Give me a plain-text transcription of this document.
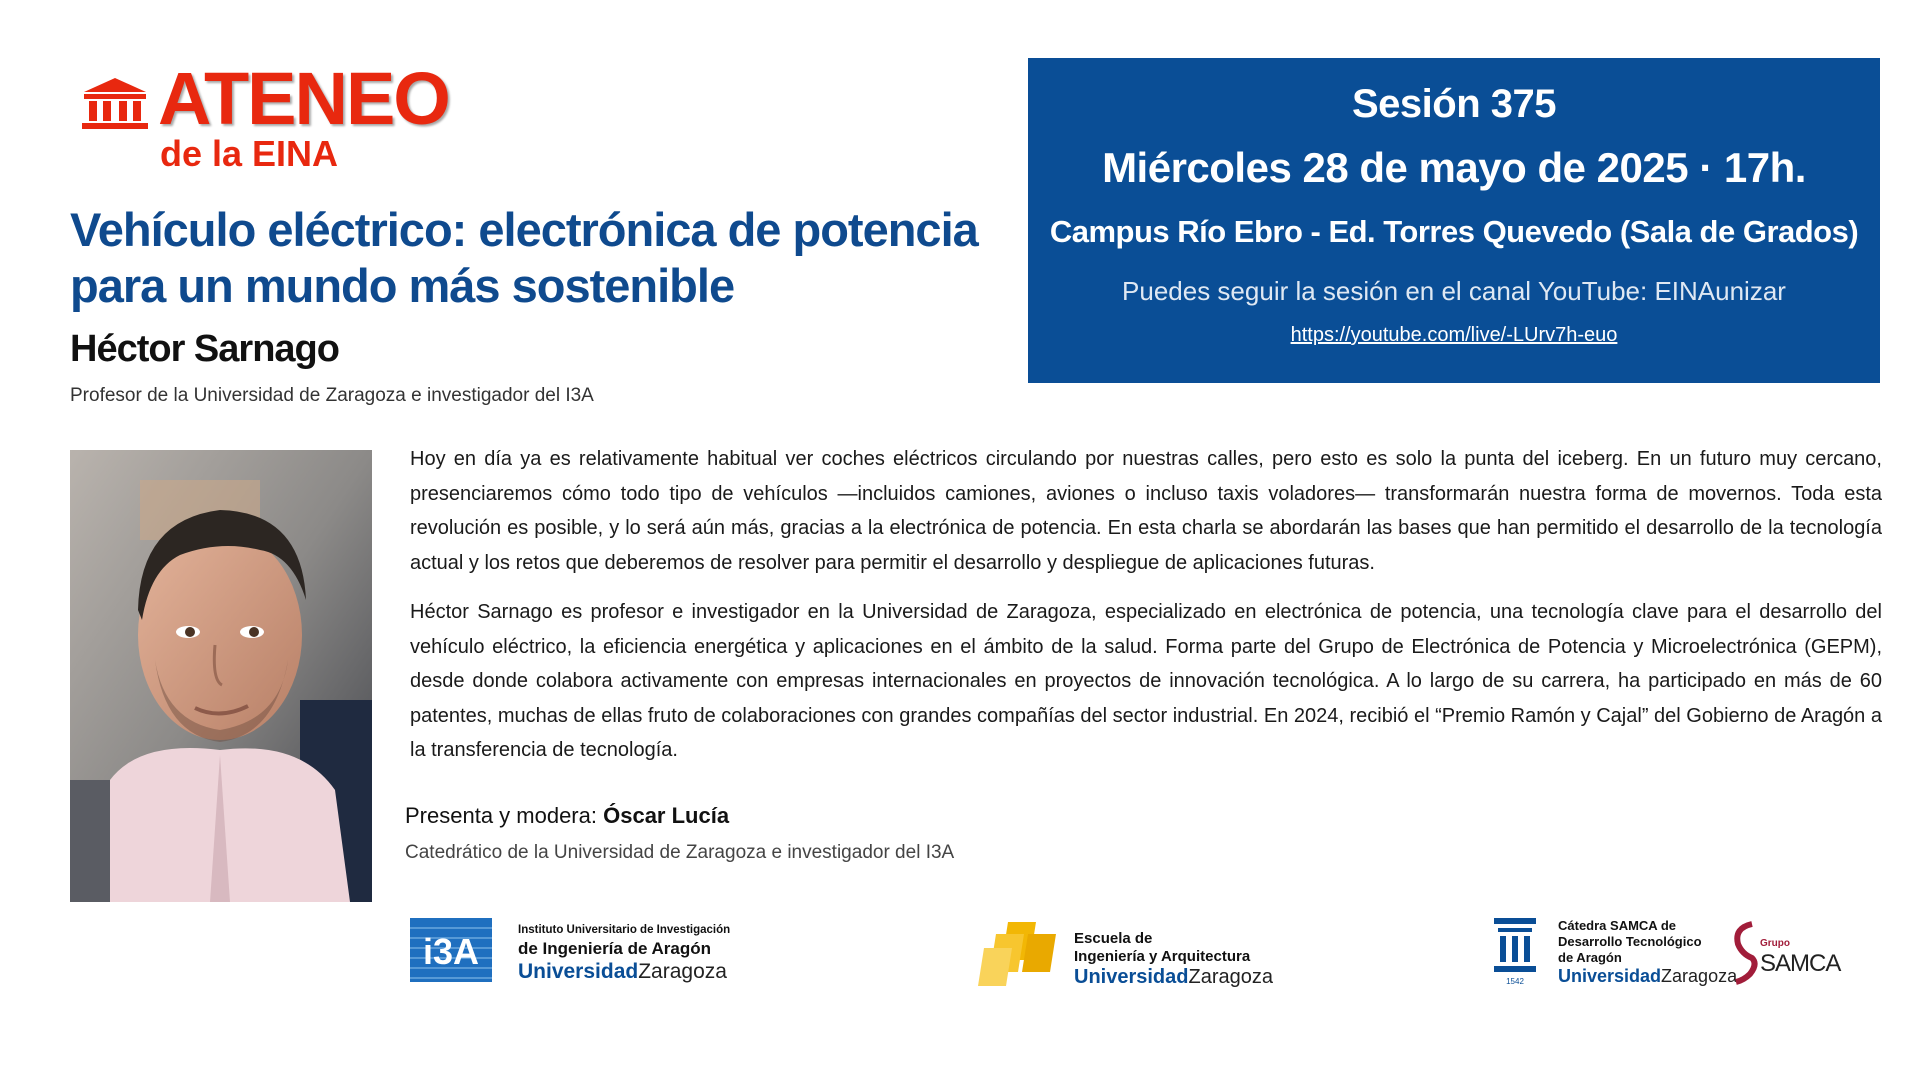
ATENEO
de la EINA
Vehículo eléctrico: electrónica de potencia para un mundo más sostenible
Héctor Sarnago
Profesor de la Universidad de Zaragoza e investigador del I3A
Sesión 375
Miércoles 28 de mayo de 2025 · 17h.
Campus Río Ebro - Ed. Torres Quevedo (Sala de Grados)
Puedes seguir la sesión en el canal YouTube: EINAunizar
https://youtube.com/live/-LUrv7h-euo

Hoy en día ya es relativamente habitual ver coches eléctricos circulando por nuestras calles, pero esto es solo la punta del iceberg. En un futuro muy cercano, presenciaremos cómo todo tipo de vehículos —incluidos camiones, aviones o incluso taxis voladores— transformarán nuestra forma de movernos. Toda esta revolución es posible, y lo será aún más, gracias a la electrónica de potencia. En esta charla se abordarán las bases que han permitido el desarrollo de la tecnología actual y los retos que deberemos de resolver para permitir el desarrollo y despliegue de aplicaciones futuras.

Héctor Sarnago es profesor e investigador en la Universidad de Zaragoza, especializado en electrónica de potencia, una tecnología clave para el desarrollo del vehículo eléctrico, la eficiencia energética y aplicaciones en el ámbito de la salud. Forma parte del Grupo de Electrónica de Potencia y Microelectrónica (GEPM), desde donde colabora activamente con empresas internacionales en proyectos de innovación tecnológica. A lo largo de su carrera, ha participado en más de 60 patentes, muchas de ellas fruto de colaboraciones con grandes compañías del sector industrial. En 2024, recibió el “Premio Ramón y Cajal” del Gobierno de Aragón a la transferencia de tecnología.

Presenta y modera: Óscar Lucía
Catedrático de la Universidad de Zaragoza e investigador del I3A
i3A
Instituto Universitario de Investigación
de Ingeniería de Aragón
UniversidadZaragoza
Escuela de
Ingeniería y Arquitectura
UniversidadZaragoza	1542
Cátedra SAMCA de
Desarrollo Tecnológico
de Aragón
UniversidadZaragoza
Grupo
SAMCA
